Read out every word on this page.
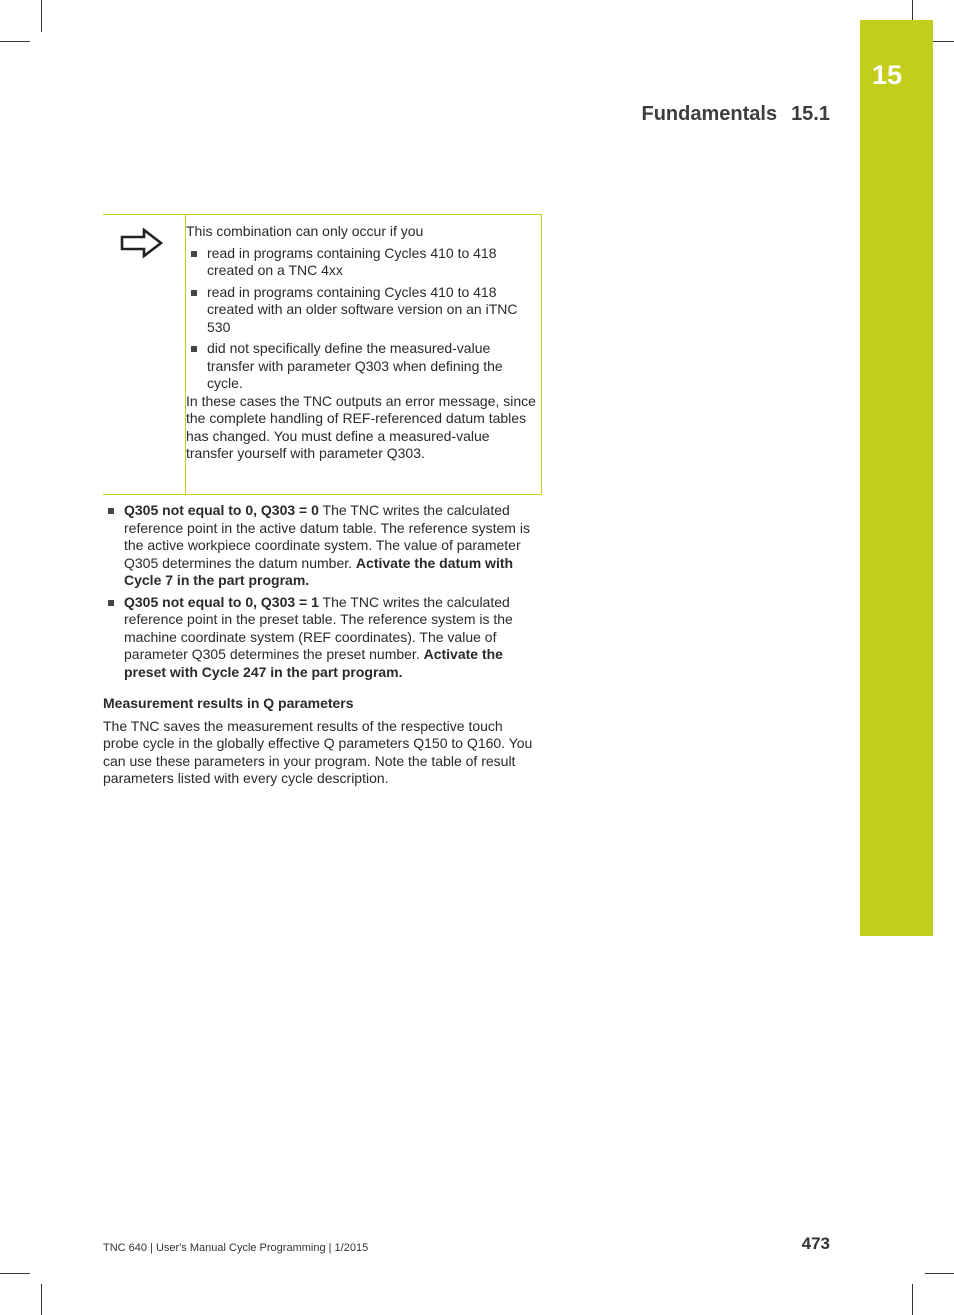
15
Fundamentals 15.1

This combination can only occur if you

read in programs containing Cycles 410 to 418 created on a TNC 4xx
read in programs containing Cycles 410 to 418 created with an older software version on an iTNC 530
did not specifically define the measured-value transfer with parameter Q303 when defining the cycle.

In these cases the TNC outputs an error message, since the complete handling of REF-referenced datum tables has changed. You must define a measured-value transfer yourself with parameter Q303.

Q305 not equal to 0, Q303 = 0 The TNC writes the calculated reference point in the active datum table. The reference system is the active workpiece coordinate system. The value of parameter Q305 determines the datum number. Activate the datum with Cycle 7 in the part program.
Q305 not equal to 0, Q303 = 1 The TNC writes the calculated reference point in the preset table. The reference system is the machine coordinate system (REF coordinates). The value of parameter Q305 determines the preset number. Activate the preset with Cycle 247 in the part program.
Measurement results in Q parameters

The TNC saves the measurement results of the respective touch probe cycle in the globally effective Q parameters Q150 to Q160. You can use these parameters in your program. Note the table of result parameters listed with every cycle description.

TNC 640 | User's Manual Cycle Programming | 1/2015	473
